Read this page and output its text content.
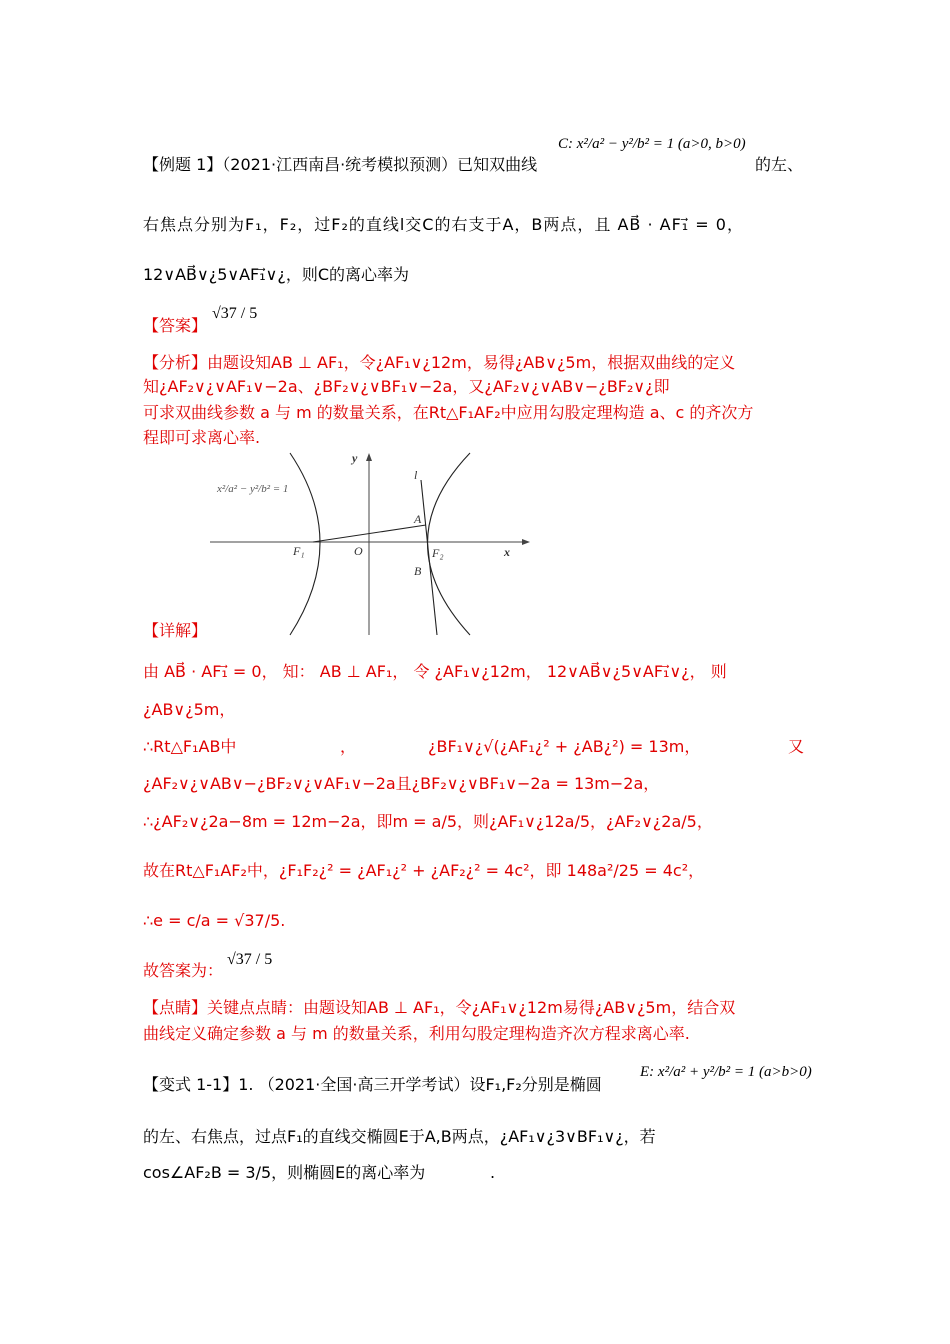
【例题 1】（2021·江西南昌·统考模拟预测）已知双曲线
C: x²/a² − y²/b² = 1 (a>0, b>0)
的左、
右焦点分别为F₁，F₂，过F₂的直线l交C的右支于A，B两点，且 AB⃗ · AF₁⃗ = 0，
12∨AB⃗∨¿5∨AF₁⃗∨¿，则C的离心率为
【答案】
√37 / 5
【分析】由题设知AB ⊥ AF₁，令¿AF₁∨¿12m，易得¿AB∨¿5m，根据双曲线的定义
知¿AF₂∨¿∨AF₁∨−2a、¿BF₂∨¿∨BF₁∨−2a，又¿AF₂∨¿∨AB∨−¿BF₂∨¿即
可求双曲线参数 a 与 m 的数量关系，在Rt△F₁AF₂中应用勾股定理构造 a、c 的齐次方
程即可求离心率.
x²/a² − y²/b² = 1
x
y
O
F₁	F₂
A
B
l
【详解】
由 AB⃗ · AF₁⃗ = 0， 知： AB ⊥ AF₁， 令 ¿AF₁∨¿12m， 12∨AB⃗∨¿5∨AF₁⃗∨¿， 则
¿AB∨¿5m，
∴Rt△F₁AB中	，	¿BF₁∨¿√(¿AF₁¿² + ¿AB¿²) = 13m，	又
¿AF₂∨¿∨AB∨−¿BF₂∨¿∨AF₁∨−2a且¿BF₂∨¿∨BF₁∨−2a = 13m−2a，
∴¿AF₂∨¿2a−8m = 12m−2a，即m = a/5，则¿AF₁∨¿12a/5，¿AF₂∨¿2a/5，
故在Rt△F₁AF₂中，¿F₁F₂¿² = ¿AF₁¿² + ¿AF₂¿² = 4c²，即 148a²/25 = 4c²，
∴e = c/a = √37/5.
故答案为：
√37 / 5
【点睛】关键点点睛：由题设知AB ⊥ AF₁，令¿AF₁∨¿12m易得¿AB∨¿5m，结合双
曲线定义确定参数 a 与 m 的数量关系，利用勾股定理构造齐次方程求离心率.
【变式 1-1】1. （2021·全国·高三开学考试）设F₁,F₂分别是椭圆
E: x²/a² + y²/b² = 1 (a>b>0)
的左、右焦点，过点F₁的直线交椭圆E于A,B两点，¿AF₁∨¿3∨BF₁∨¿，若
cos∠AF₂B = 3/5，则椭圆E的离心率为	.
